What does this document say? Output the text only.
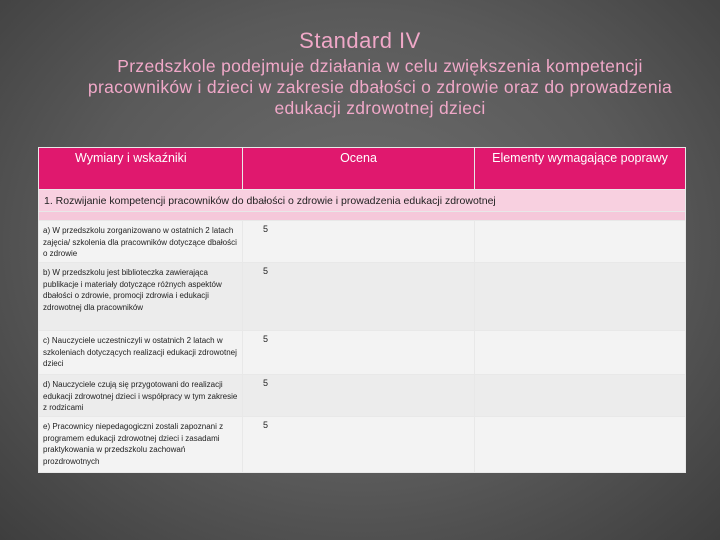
Standard IV
Przedszkole podejmuje działania w celu zwiększenia kompetencji pracowników i dzieci w zakresie dbałości o zdrowie oraz do prowadzenia edukacji zdrowotnej dzieci
Wymiary i wskaźniki	Ocena	Elementy wymagające poprawy
1. Rozwijanie kompetencji pracowników do dbałości o zdrowie i prowadzenia edukacji zdrowotnej		

a) W przedszkolu zorganizowano w ostatnich 2 latach zajęcia/ szkolenia dla pracowników dotyczące dbałości o zdrowie	5	
b) W przedszkolu jest biblioteczka zawierająca publikacje i materiały dotyczące różnych aspektów dbałości o zdrowie, promocji zdrowia i edukacji zdrowotnej dla pracowników	5	
c) Nauczyciele uczestniczyli w ostatnich 2 latach w szkoleniach dotyczących realizacji edukacji zdrowotnej dzieci	5	
d) Nauczyciele czują się przygotowani do realizacji edukacji zdrowotnej dzieci i współpracy w tym zakresie z rodzicami	5	
e) Pracownicy niepedagogiczni zostali zapoznani z programem edukacji zdrowotnej dzieci i zasadami praktykowania w przedszkolu zachowań prozdrowotnych	5	
